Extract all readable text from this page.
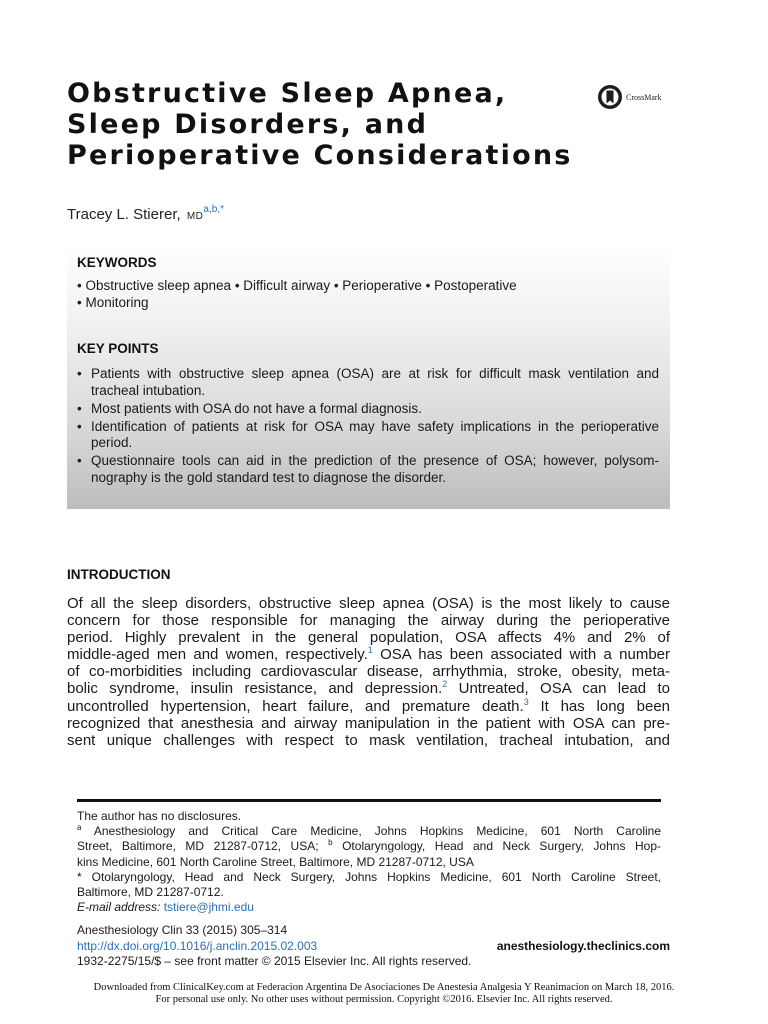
Obstructive Sleep Apnea,
Sleep Disorders, and
Perioperative Considerations
CrossMark
Tracey L. Stierer, $MD^{a,b,*}$
KEYWORDS
• Obstructive sleep apnea • Difficult airway • Perioperative • Postoperative
• Monitoring
KEY POINTS
• Patients with obstructive sleep apnea (OSA) are at risk for difficult mask ventilation and tracheal intubation.
• Most patients with OSA do not have a formal diagnosis.
• Identification of patients at risk for OSA may have safety implications in the perioperative period.
• Questionnaire tools can aid in the prediction of the presence of OSA; however, polysom-nography is the gold standard test to diagnose the disorder.
INTRODUCTION
Of all the sleep disorders, obstructive sleep apnea (OSA) is the most likely to cause
concern for those responsible for managing the airway during the perioperative
period. Highly prevalent in the general population, OSA affects 4% and 2% of
middle-aged men and women, respectively.$^1$ OSA has been associated with a number
of co-morbidities including cardiovascular disease, arrhythmia, stroke, obesity, meta-
bolic syndrome, insulin resistance, and depression.$^2$ Untreated, OSA can lead to
uncontrolled hypertension, heart failure, and premature death.$^3$ It has long been
recognized that anesthesia and airway manipulation in the patient with OSA can pre-
sent unique challenges with respect to mask ventilation, tracheal intubation, and
The author has no disclosures.
$^a$ Anesthesiology and Critical Care Medicine, Johns Hopkins Medicine, 601 North Caroline
Street, Baltimore, MD 21287-0712, USA; $^b$ Otolaryngology, Head and Neck Surgery, Johns Hop-
kins Medicine, 601 North Caroline Street, Baltimore, MD 21287-0712, USA
* Otolaryngology, Head and Neck Surgery, Johns Hopkins Medicine, 601 North Caroline Street,
Baltimore, MD 21287-0712.
E-mail address: tstiere@jhmi.edu
Anesthesiology Clin 33 (2015) 305–314
http://dx.doi.org/10.1016/j.anclin.2015.02.003	anesthesiology.theclinics.com
1932-2275/15/$ – see front matter © 2015 Elsevier Inc. All rights reserved.
Downloaded from ClinicalKey.com at Federacion Argentina De Asociaciones De Anestesia Analgesia Y Reanimacion on March 18, 2016.
For personal use only. No other uses without permission. Copyright ©2016. Elsevier Inc. All rights reserved.
